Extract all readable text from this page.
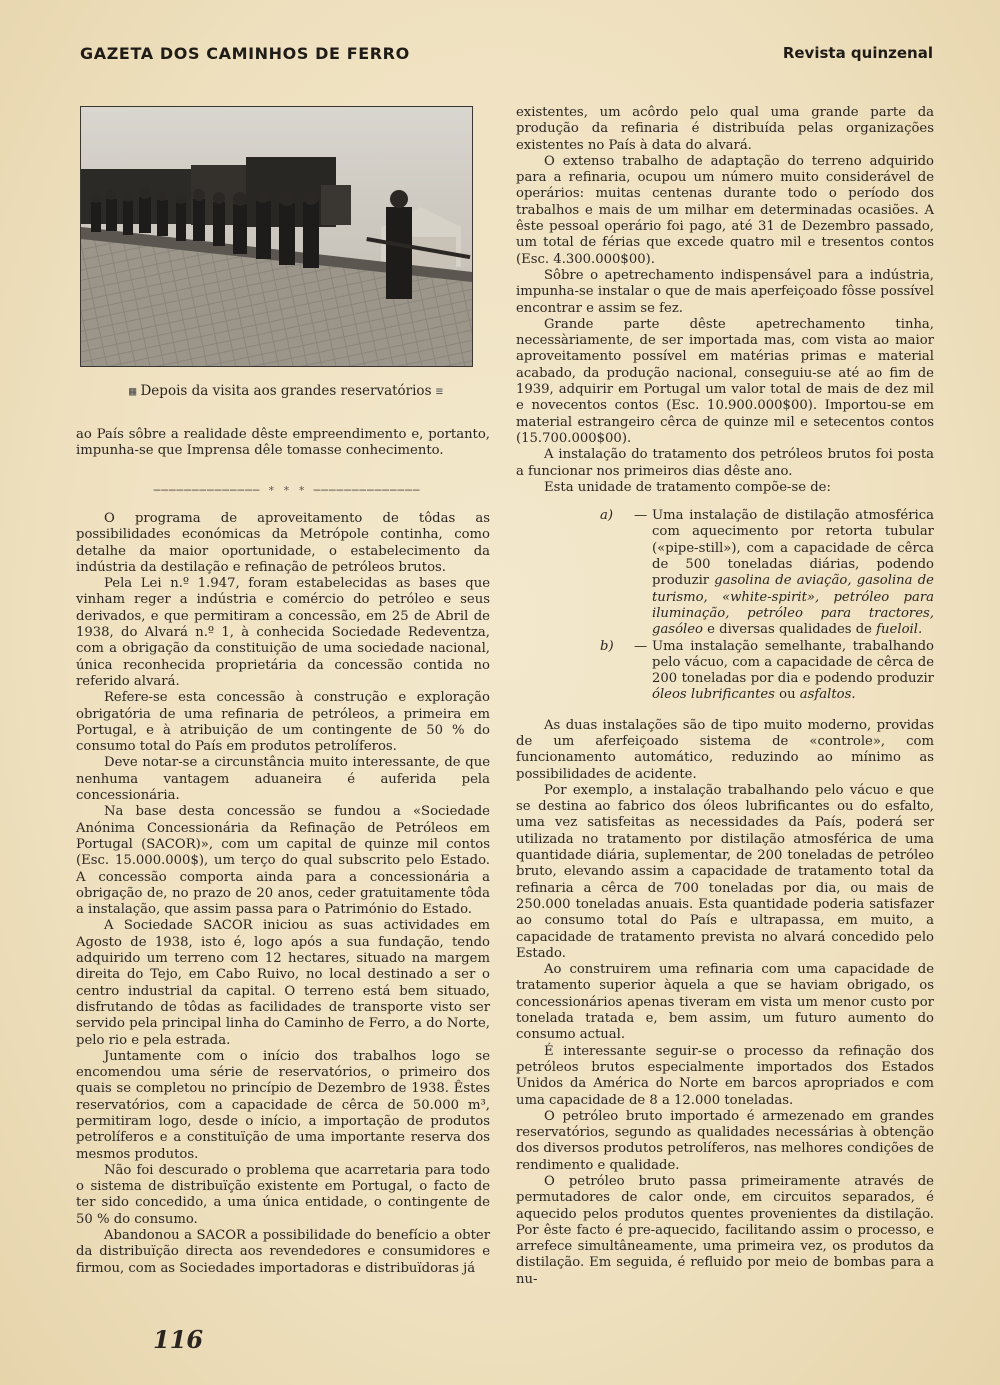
GAZETA DOS CAMINHOS DE FERRO	Revista quinzenal
▦ Depois da visita aos grandes reservatórios ≡

ao País sôbre a realidade dêste empreendimento e, portanto, impunha-se que Imprensa dêle tomasse conhecimento.

────────────── * * * ──────────────

O programa de aproveitamento de tôdas as possibilidades económicas da Metrópole continha, como detalhe da maior oportunidade, o estabelecimento da indústria da destilação e refinação de petróleos brutos.

Pela Lei n.º 1.947, foram estabelecidas as bases que vinham reger a indústria e comércio do petróleo e seus derivados, e que permitiram a concessão, em 25 de Abril de 1938, do Alvará n.º 1, à conhecida Sociedade Redeventza, com a obrigação da constituição de uma sociedade nacional, única reconhecida proprietária da concessão contida no referido alvará.

Refere-se esta concessão à construção e exploração obrigatória de uma refinaria de petróleos, a primeira em Portugal, e à atribuição de um contingente de 50 % do consumo total do País em produtos petrolíferos.

Deve notar-se a circunstância muito interessante, de que nenhuma vantagem aduaneira é auferida pela concessionária.

Na base desta concessão se fundou a «Sociedade Anónima Concessionária da Refinação de Petróleos em Portugal (SACOR)», com um capital de quinze mil contos (Esc. 15.000.000$), um terço do qual subscrito pelo Estado. A concessão comporta ainda para a concessionária a obrigação de, no prazo de 20 anos, ceder gratuitamente tôda a instalação, que assim passa para o Património do Estado.

A Sociedade SACOR iniciou as suas actividades em Agosto de 1938, isto é, logo após a sua fundação, tendo adquirido um terreno com 12 hectares, situado na margem direita do Tejo, em Cabo Ruivo, no local destinado a ser o centro industrial da capital. O terreno está bem situado, disfrutando de tôdas as facilidades de transporte visto ser servido pela principal linha do Caminho de Ferro, a do Norte, pelo rio e pela estrada.

Juntamente com o início dos trabalhos logo se encomendou uma série de reservatórios, o primeiro dos quais se completou no princípio de Dezembro de 1938. Êstes reservatórios, com a capacidade de cêrca de 50.000 m³, permitiram logo, desde o início, a importação de produtos petrolíferos e a constituïção de uma importante reserva dos mesmos produtos.

Não foi descurado o problema que acarretaria para todo o sistema de distribuïção existente em Portugal, o facto de ter sido concedido, a uma única entidade, o contingente de 50 % do consumo.

Abandonou a SACOR a possibilidade do benefício a obter da distribuïção directa aos revendedores e consumidores e firmou, com as Sociedades importadoras e distribuïdoras já

existentes, um acôrdo pelo qual uma grande parte da produção da refinaria é distribuída pelas organizações existentes no País à data do alvará.

O extenso trabalho de adaptação do terreno adquirido para a refinaria, ocupou um número muito considerável de operários: muitas centenas durante todo o período dos trabalhos e mais de um milhar em determinadas ocasiões. A êste pessoal operário foi pago, até 31 de Dezembro passado, um total de férias que excede quatro mil e tresentos contos (Esc. 4.300.000$00).

Sôbre o apetrechamento indispensável para a indústria, impunha-se instalar o que de mais aperfeiçoado fôsse possível encontrar e assim se fez.

Grande parte dêste apetrechamento tinha, necessàriamente, de ser importada mas, com vista ao maior aproveitamento possível em matérias primas e material acabado, da produção nacional, conseguiu-se até ao fim de 1939, adquirir em Portugal um valor total de mais de dez mil e novecentos contos (Esc. 10.900.000$00). Importou-se em material estrangeiro cêrca de quinze mil e setecentos contos (15.700.000$00).

A instalação do tratamento dos petróleos brutos foi posta a funcionar nos primeiros dias dêste ano.

Esta unidade de tratamento compõe-se de:

a)	— Uma instalação de distilação atmosférica com aquecimento por retorta tubular («pipe-still»), com a capacidade de cêrca de 500 toneladas diárias, podendo produzir gasolina de aviação, gasolina de turismo, «white-spirit», petróleo para iluminação, petróleo para tractores, gasóleo e diversas qualidades de fueloil.
b)	— Uma instalação semelhante, trabalhando pelo vácuo, com a capacidade de cêrca de 200 toneladas por dia e podendo produzir óleos lubrificantes ou asfaltos.

As duas instalações são de tipo muito moderno, providas de um aferfeiçoado sistema de «controle», com funcionamento automático, reduzindo ao mínimo as possibilidades de acidente.

Por exemplo, a instalação trabalhando pelo vácuo e que se destina ao fabrico dos óleos lubrificantes ou do esfalto, uma vez satisfeitas as necessidades da País, poderá ser utilizada no tratamento por distilação atmosférica de uma quantidade diária, suplementar, de 200 toneladas de petróleo bruto, elevando assim a capacidade de tratamento total da refinaria a cêrca de 700 toneladas por dia, ou mais de 250.000 toneladas anuais. Esta quantidade poderia satisfazer ao consumo total do País e ultrapassa, em muito, a capacidade de tratamento prevista no alvará concedido pelo Estado.

Ao construirem uma refinaria com uma capacidade de tratamento superior àquela a que se haviam obrigado, os concessionários apenas tiveram em vista um menor custo por tonelada tratada e, bem assim, um futuro aumento do consumo actual.

É interessante seguir-se o processo da refinação dos petróleos brutos especialmente importados dos Estados Unidos da América do Norte em barcos apropriados e com uma capacidade de 8 a 12.000 toneladas.

O petróleo bruto importado é armezenado em grandes reservatórios, segundo as qualidades necessárias à obtenção dos diversos produtos petrolíferos, nas melhores condições de rendimento e qualidade.

O petróleo bruto passa primeiramente através de permutadores de calor onde, em circuitos separados, é aquecido pelos produtos quentes provenientes da distilação. Por êste facto é pre-aquecido, facilitando assim o processo, e arrefece simultâneamente, uma primeira vez, os produtos da distilação. Em seguida, é refluido por meio de bombas para a nu-

116
